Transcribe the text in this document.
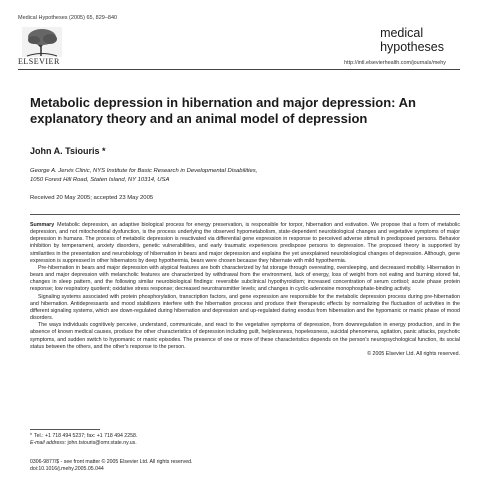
Medical Hypotheses (2005) 65, 829–840
ELSEVIER
medical
hypotheses
http://intl.elsevierhealth.com/journals/mehy
Metabolic depression in hibernation and major depression: An explanatory theory and an animal model of depression
John A. Tsiouris *
George A. Jervis Clinic, NYS Institute for Basic Research in Developmental Disabilities,
1050 Forest Hill Road, Staten Island, NY 10314, USA
Received 20 May 2005; accepted 23 May 2005

Summary Metabolic depression, an adaptive biological process for energy preservation, is responsible for torpor, hibernation and estivation. We propose that a form of metabolic depression, and not mitochondrial dysfunction, is the process underlying the observed hypometabolism, state-dependent neurobiological changes and vegetative symptoms of major depression in humans. The process of metabolic depression is reactivated via differential gene expression in response to perceived adverse stimuli in predisposed persons. Behavior inhibition by temperament, anxiety disorders, genetic vulnerabilities, and early traumatic experiences predispose persons to depression. The proposed theory is supported by similarities in the presentation and neurobiology of hibernation in bears and major depression and explains the yet unexplained neurobiological changes of depression. Although, gene expression is suppressed in other hibernators by deep hypothermia, bears were chosen because they hibernate with mild hypothermia.

Pre-hibernation in bears and major depression with atypical features are both characterized by fat storage through overeating, oversleeping, and decreased mobility. Hibernation in bears and major depression with melancholic features are characterized by withdrawal from the environment, lack of energy, loss of weight from not eating and burning stored fat, changes in sleep pattern, and the following similar neurobiological findings: reversible subclinical hypothyroidism; increased concentration of serum cortisol; acute phase protein response; low respiratory quotient; oxidative stress response; decreased neurotransmitter levels; and changes in cyclic-adenosine monophosphate-binding activity.

Signaling systems associated with protein phosphorylation, transcription factors, and gene expression are responsible for the metabolic depression process during pre-hibernation and hibernation. Antidepressants and mood stabilizers interfere with the hibernation process and produce their therapeutic effects by normalizing the fluctuation of activities in the different signaling systems, which are down-regulated during hibernation and depression and up-regulated during exodus from hibernation and the hypomanic or manic phase of mood disorders.

The ways individuals cognitively perceive, understand, communicate, and react to the vegetative symptoms of depression, from downregulation in energy production, and in the absence of known medical causes, produce the other characteristics of depression including guilt, helplessness, hopelessness, suicidal phenomena, agitation, panic attacks, psychotic symptoms, and sudden switch to hypomanic or manic episodes. The presence of one or more of these characteristics depends on the person's neuropsychological function, its social status between the others, and the other's response to the person.

© 2005 Elsevier Ltd. All rights reserved.
* Tel.: +1 718 494 5237; fax: +1 718 494 2258.
E-mail address: john.tsiouris@omr.state.ny.us.
0306-9877/$ - see front matter © 2005 Elsevier Ltd. All rights reserved.
doi:10.1016/j.mehy.2005.05.044
